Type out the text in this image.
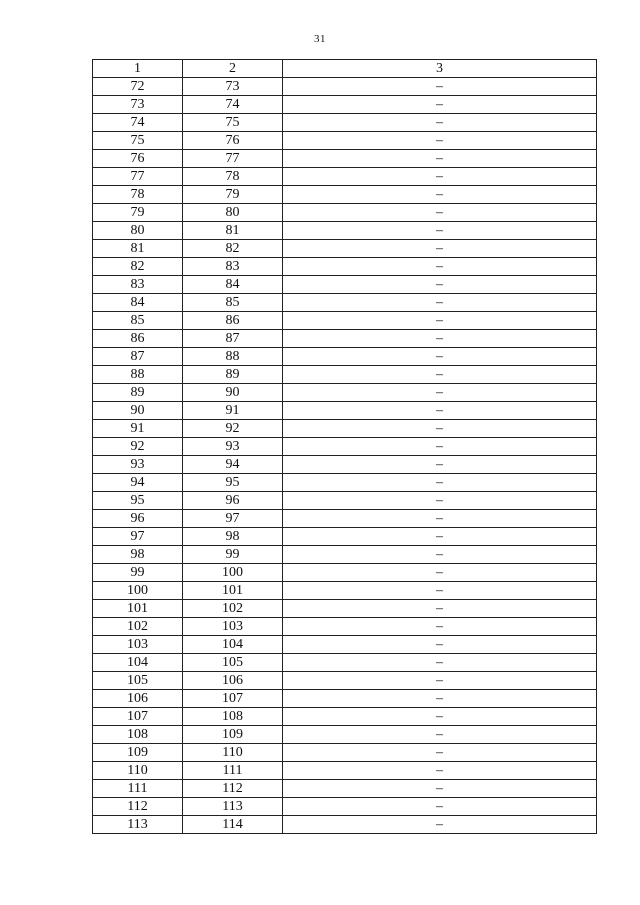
31
1	2	3
72	73	–
73	74	–
74	75	–
75	76	–
76	77	–
77	78	–
78	79	–
79	80	–
80	81	–
81	82	–
82	83	–
83	84	–
84	85	–
85	86	–
86	87	–
87	88	–
88	89	–
89	90	–
90	91	–
91	92	–
92	93	–
93	94	–
94	95	–
95	96	–
96	97	–
97	98	–
98	99	–
99	100	–
100	101	–
101	102	–
102	103	–
103	104	–
104	105	–
105	106	–
106	107	–
107	108	–
108	109	–
109	110	–
110	111	–
111	112	–
112	113	–
113	114	–
